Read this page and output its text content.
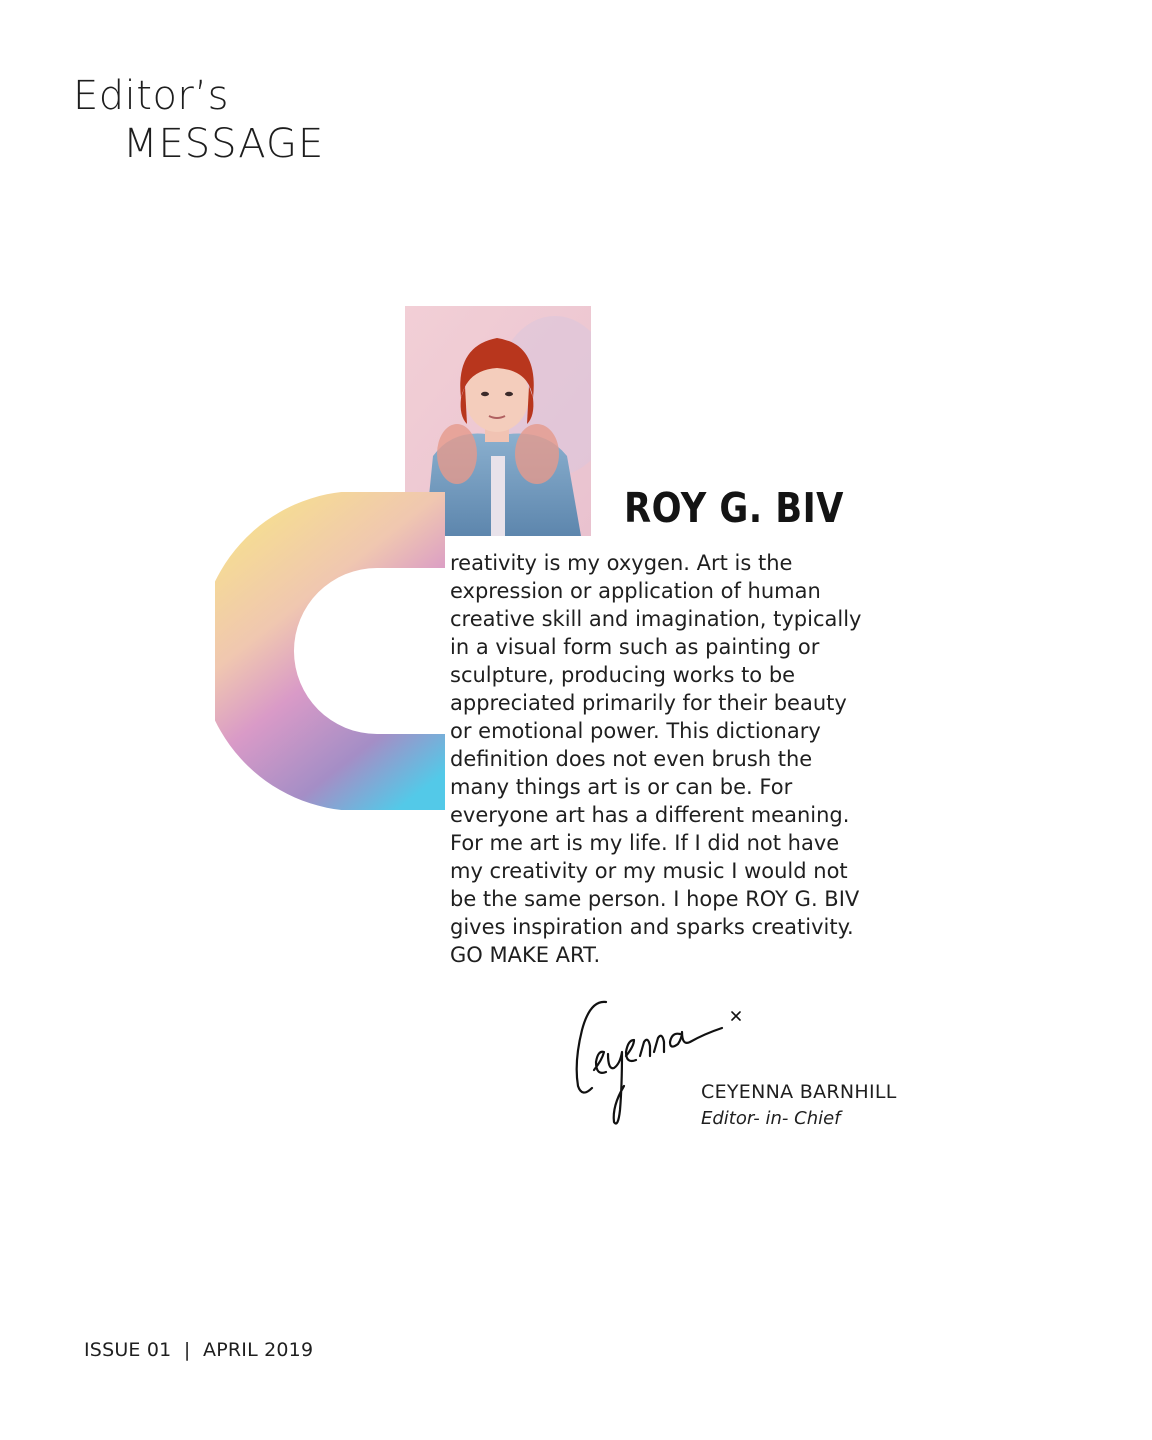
Editor’s
MESSAGE
ROY G. BIV
reativity is my oxygen. Art is the
expression or application of human
creative skill and imagination, typically
in a visual form such as painting or
sculpture, producing works to be
appreciated primarily for their beauty
or emotional power. This dictionary
definition does not even brush the
many things art is or can be. For
everyone art has a different meaning.
For me art is my life. If I did not have
my creativity or my music I would not
be the same person. I hope ROY G. BIV
gives inspiration and sparks creativity.
GO MAKE ART.
CEYENNA BARNHILL
Editor- in- Chief
ISSUE 01  |  APRIL 2019
